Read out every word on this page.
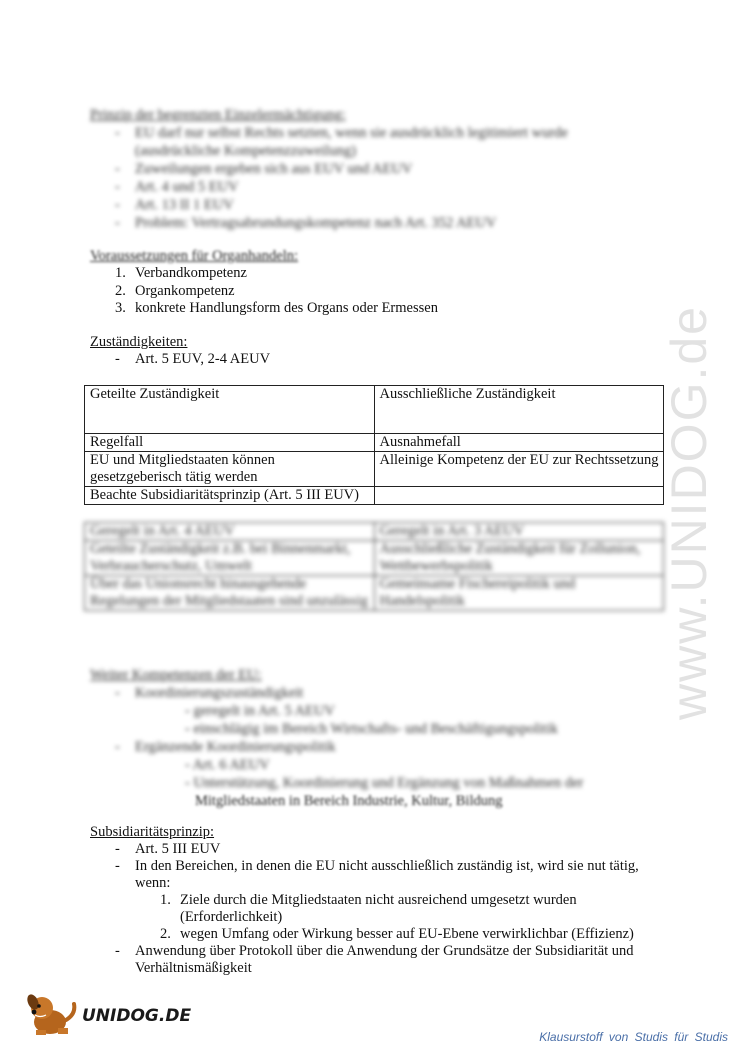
www.UNIDOG.de
Prinzip der begrenzten Einzelermächtigung:
- EU darf nur selbst Rechts setzten, wenn sie ausdrücklich legitimiert wurde
(ausdrückliche Kompetenzzuweilung)
- Zuweilungen ergeben sich aus EUV und AEUV
- Art. 4 und 5 EUV
- Art. 13 II 1 EUV
- Problem: Vertragsabrundungskompetenz nach Art. 352 AEUV
Voraussetzungen für Organhandeln:
1. Verbandkompetenz
2. Organkompetenz
3. konkrete Handlungsform des Organs oder Ermessen
Zuständigkeiten:
- Art. 5 EUV, 2-4 AEUV
Geteilte Zuständigkeit	Ausschließliche Zuständigkeit
Regelfall	Ausnahmefall
EU und Mitgliedstaaten können gesetzgeberisch tätig werden	Alleinige Kompetenz der EU zur Rechtssetzung
Beachte Subsidiaritätsprinzip (Art. 5 III EUV)	
Geregelt in Art. 4 AEUV	Geregelt in Art. 3 AEUV
Geteilte Zuständigkeit z.B. bei Binnenmarkt, Verbraucherschutz, Umwelt	Ausschließliche Zuständigkeit für Zollunion, Wettbewerbspolitik
Über das Unionsrecht hinausgehende Regelungen der Mitgliedstaaten sind unzulässig	Gemeinsame Fischereipolitik und Handelspolitik
Weiter Kompetenzen der EU:
- Koordinierungszuständigkeit
- geregelt in Art. 5 AEUV
- einschlägig im Bereich Wirtschafts- und Beschäftigungspolitik
- Ergänzende Koordinierungspolitik
- Art. 6 AEUV
- Unterstützung, Koordinierung und Ergänzung von Maßnahmen der
Mitgliedstaaten in Bereich Industrie, Kultur, Bildung
Subsidiaritätsprinzip:
- Art. 5 III EUV
- In den Bereichen, in denen die EU nicht ausschließlich zuständig ist, wird sie nut tätig,
wenn:
1. Ziele durch die Mitgliedstaaten nicht ausreichend umgesetzt wurden
(Erforderlichkeit)
2. wegen Umfang oder Wirkung besser auf EU-Ebene verwirklichbar (Effizienz)
- Anwendung über Protokoll über die Anwendung der Grundsätze der Subsidiarität und
Verhältnismäßigkeit
UNIDOG.DE
Klausurstoff von Studis für Studis
